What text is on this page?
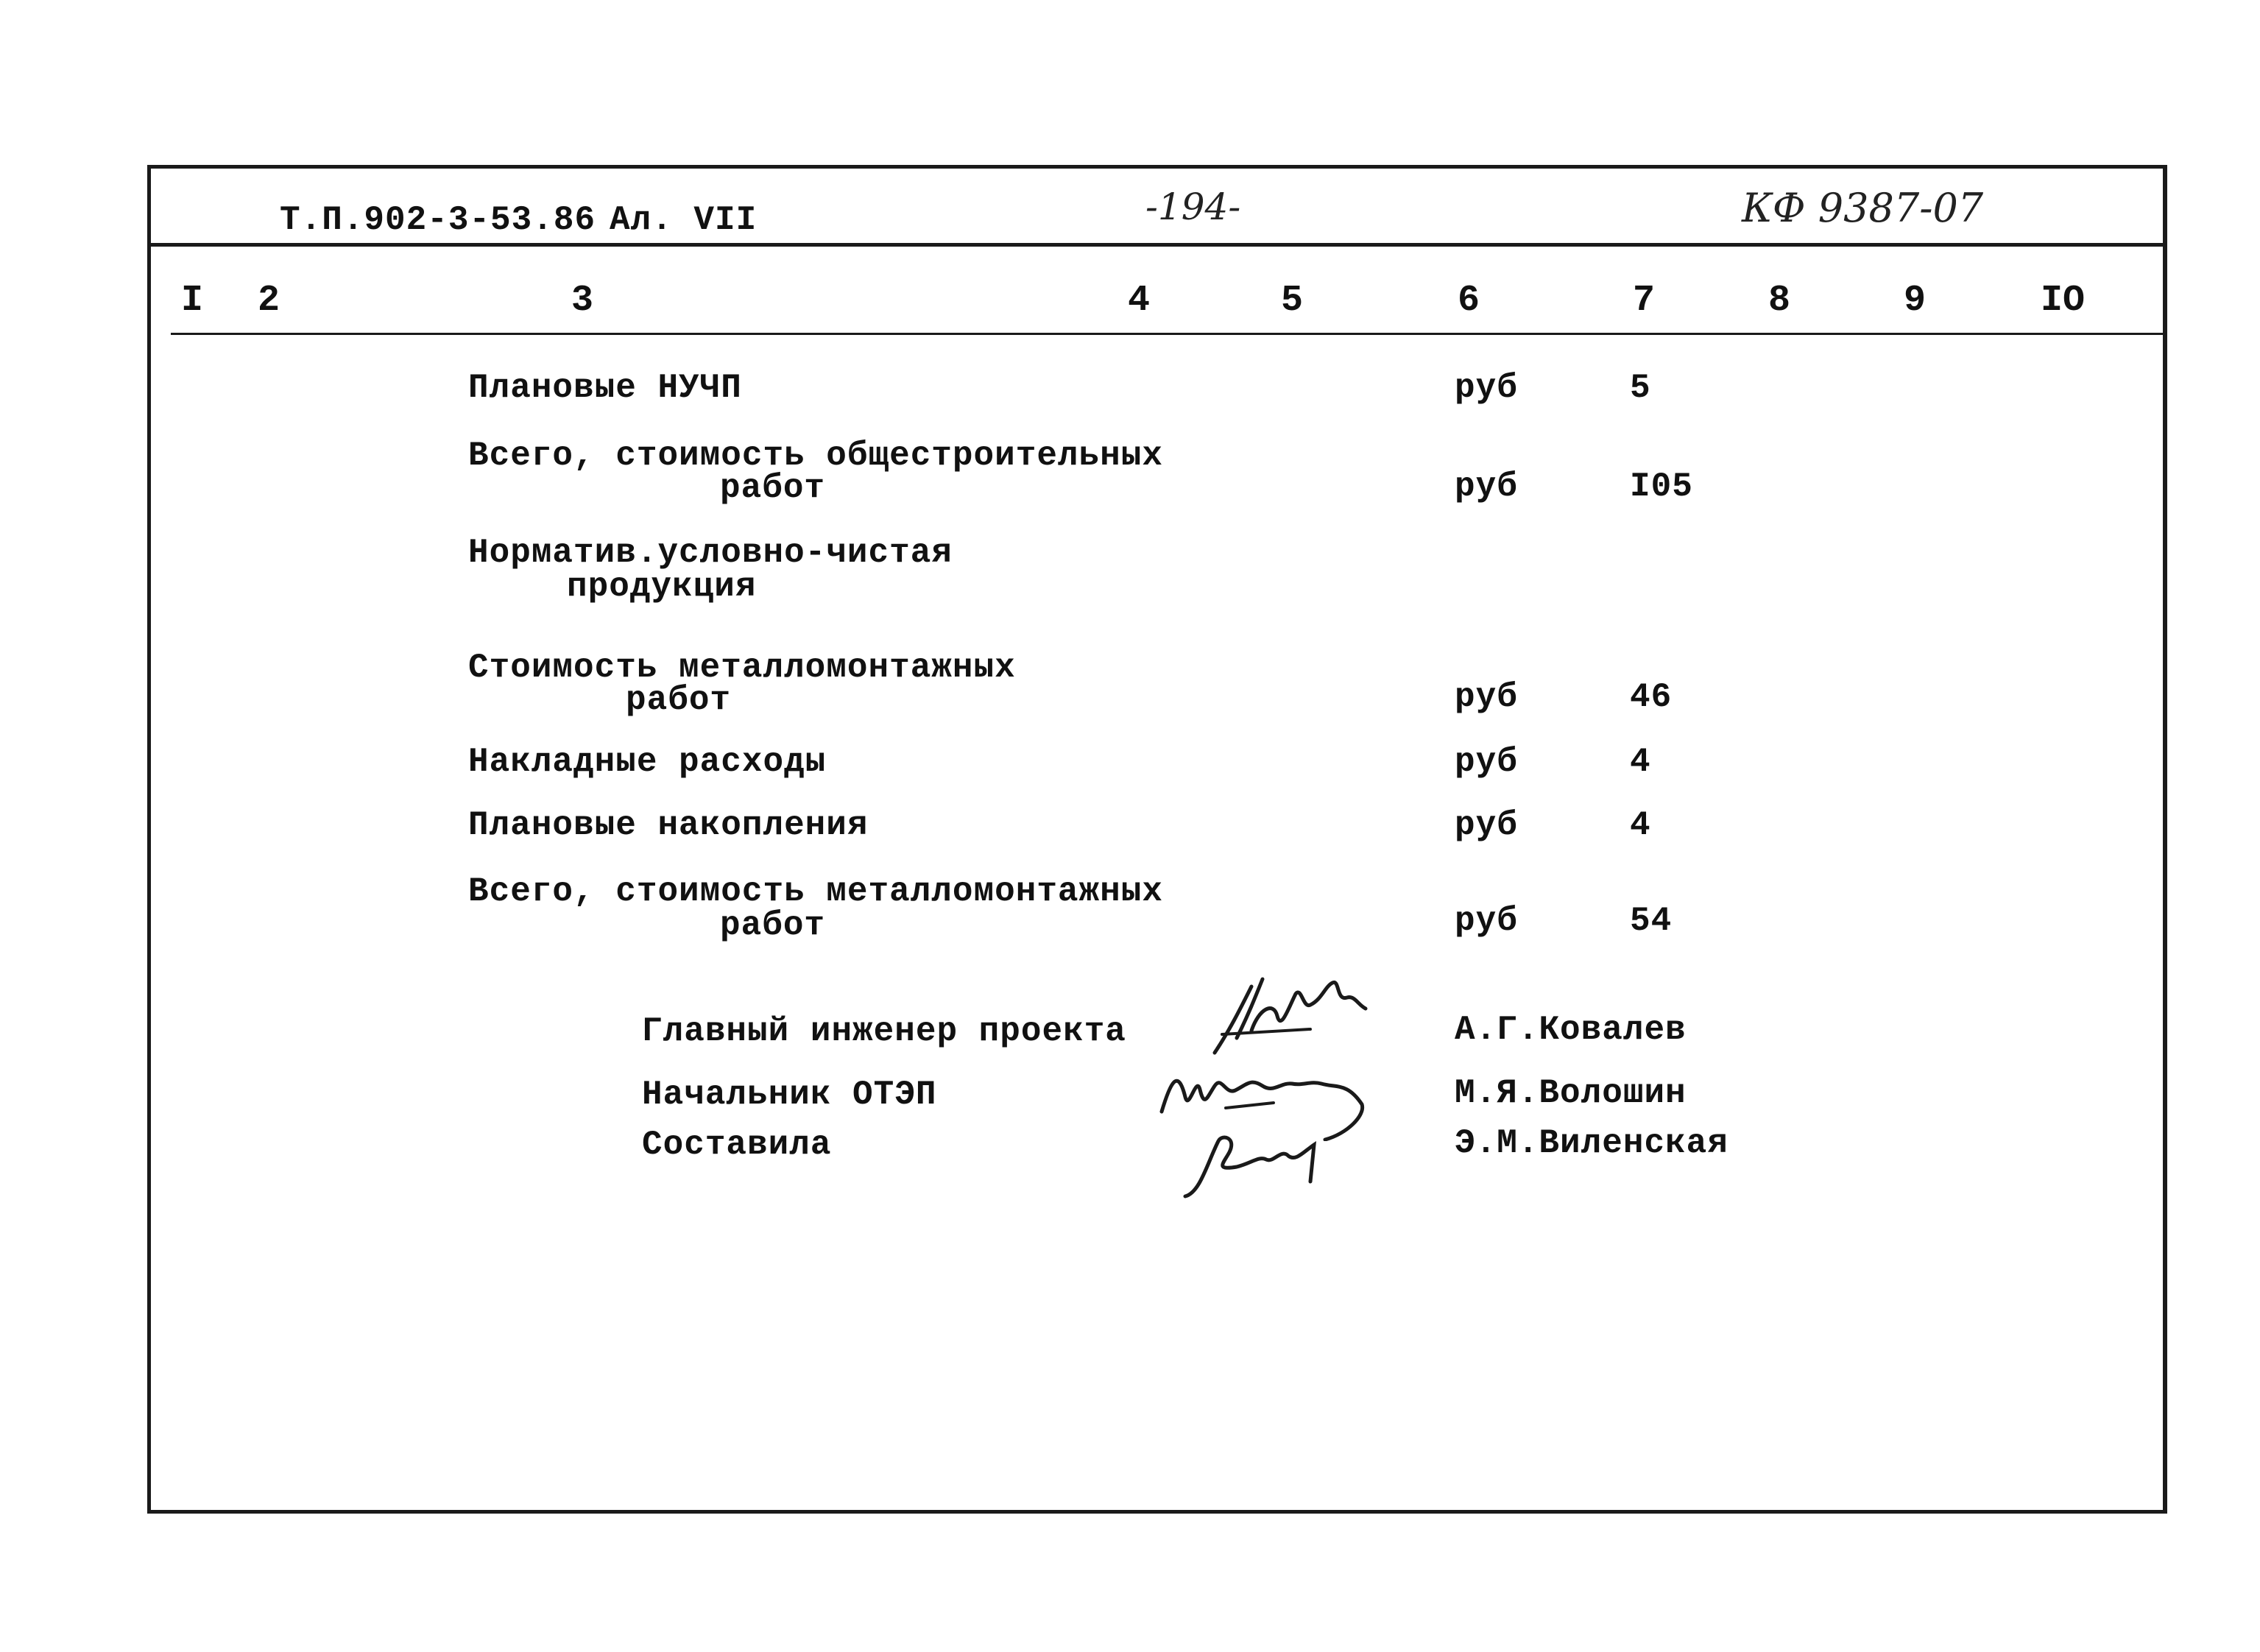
Т.П.902-3-53.86 Ал. VII	-194-	КФ 9387-07
I 2	3	4	5	6	7	8	9	IO
Плановые НУЧП	руб	5
Всего, стоимость общестроительных
работ	руб	I05
Норматив.условно-чистая
продукция
Стоимость металломонтажных
работ	руб	46
Накладные расходы	руб	4
Плановые накопления	руб	4
Всего, стоимость металломонтажных
работ	руб	54
Главный инженер проекта	А.Г.Ковалев
Начальник ОТЭП	М.Я.Волошин
Составила	Э.М.Виленская
